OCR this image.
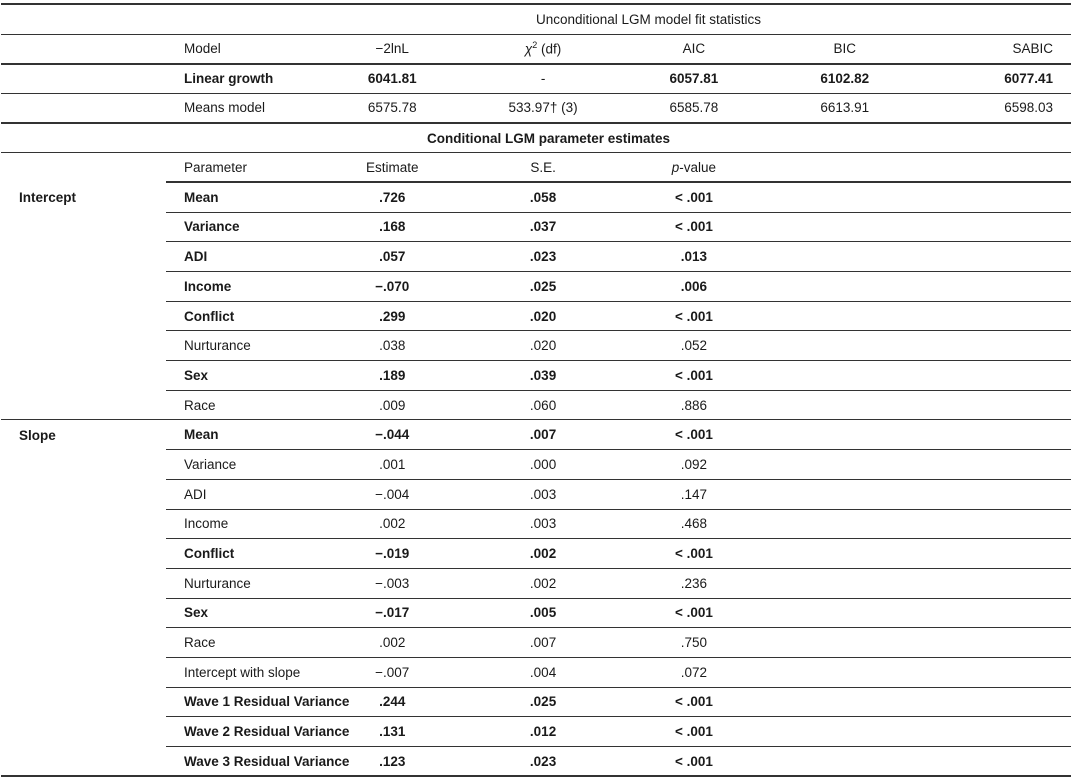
	Unconditional LGM model fit statistics					
	Model	−2lnL	$\chi^2$ (df)	AIC	BIC	SABIC
	Linear growth	6041.81	-	6057.81	6102.82	6077.41
	Means model	6575.78	533.97† (3)	6585.78	6613.91	6598.03
	Conditional LGM parameter estimates					
	Parameter	Estimate	S.E.	p-value		
Intercept	Mean	.726	.058	< .001		
	Variance	.168	.037	< .001		
	ADI	.057	.023	.013		
	Income	−.070	.025	.006		
	Conflict	.299	.020	< .001		
	Nurturance	.038	.020	.052		
	Sex	.189	.039	< .001		
	Race	.009	.060	.886		
Slope	Mean	−.044	.007	< .001		
	Variance	.001	.000	.092		
	ADI	−.004	.003	.147		
	Income	.002	.003	.468		
	Conflict	−.019	.002	< .001		
	Nurturance	−.003	.002	.236		
	Sex	−.017	.005	< .001		
	Race	.002	.007	.750		
	Intercept with slope	−.007	.004	.072		
	Wave 1 Residual Variance	.244	.025	< .001		
	Wave 2 Residual Variance	.131	.012	< .001		
	Wave 3 Residual Variance	.123	.023	< .001		
